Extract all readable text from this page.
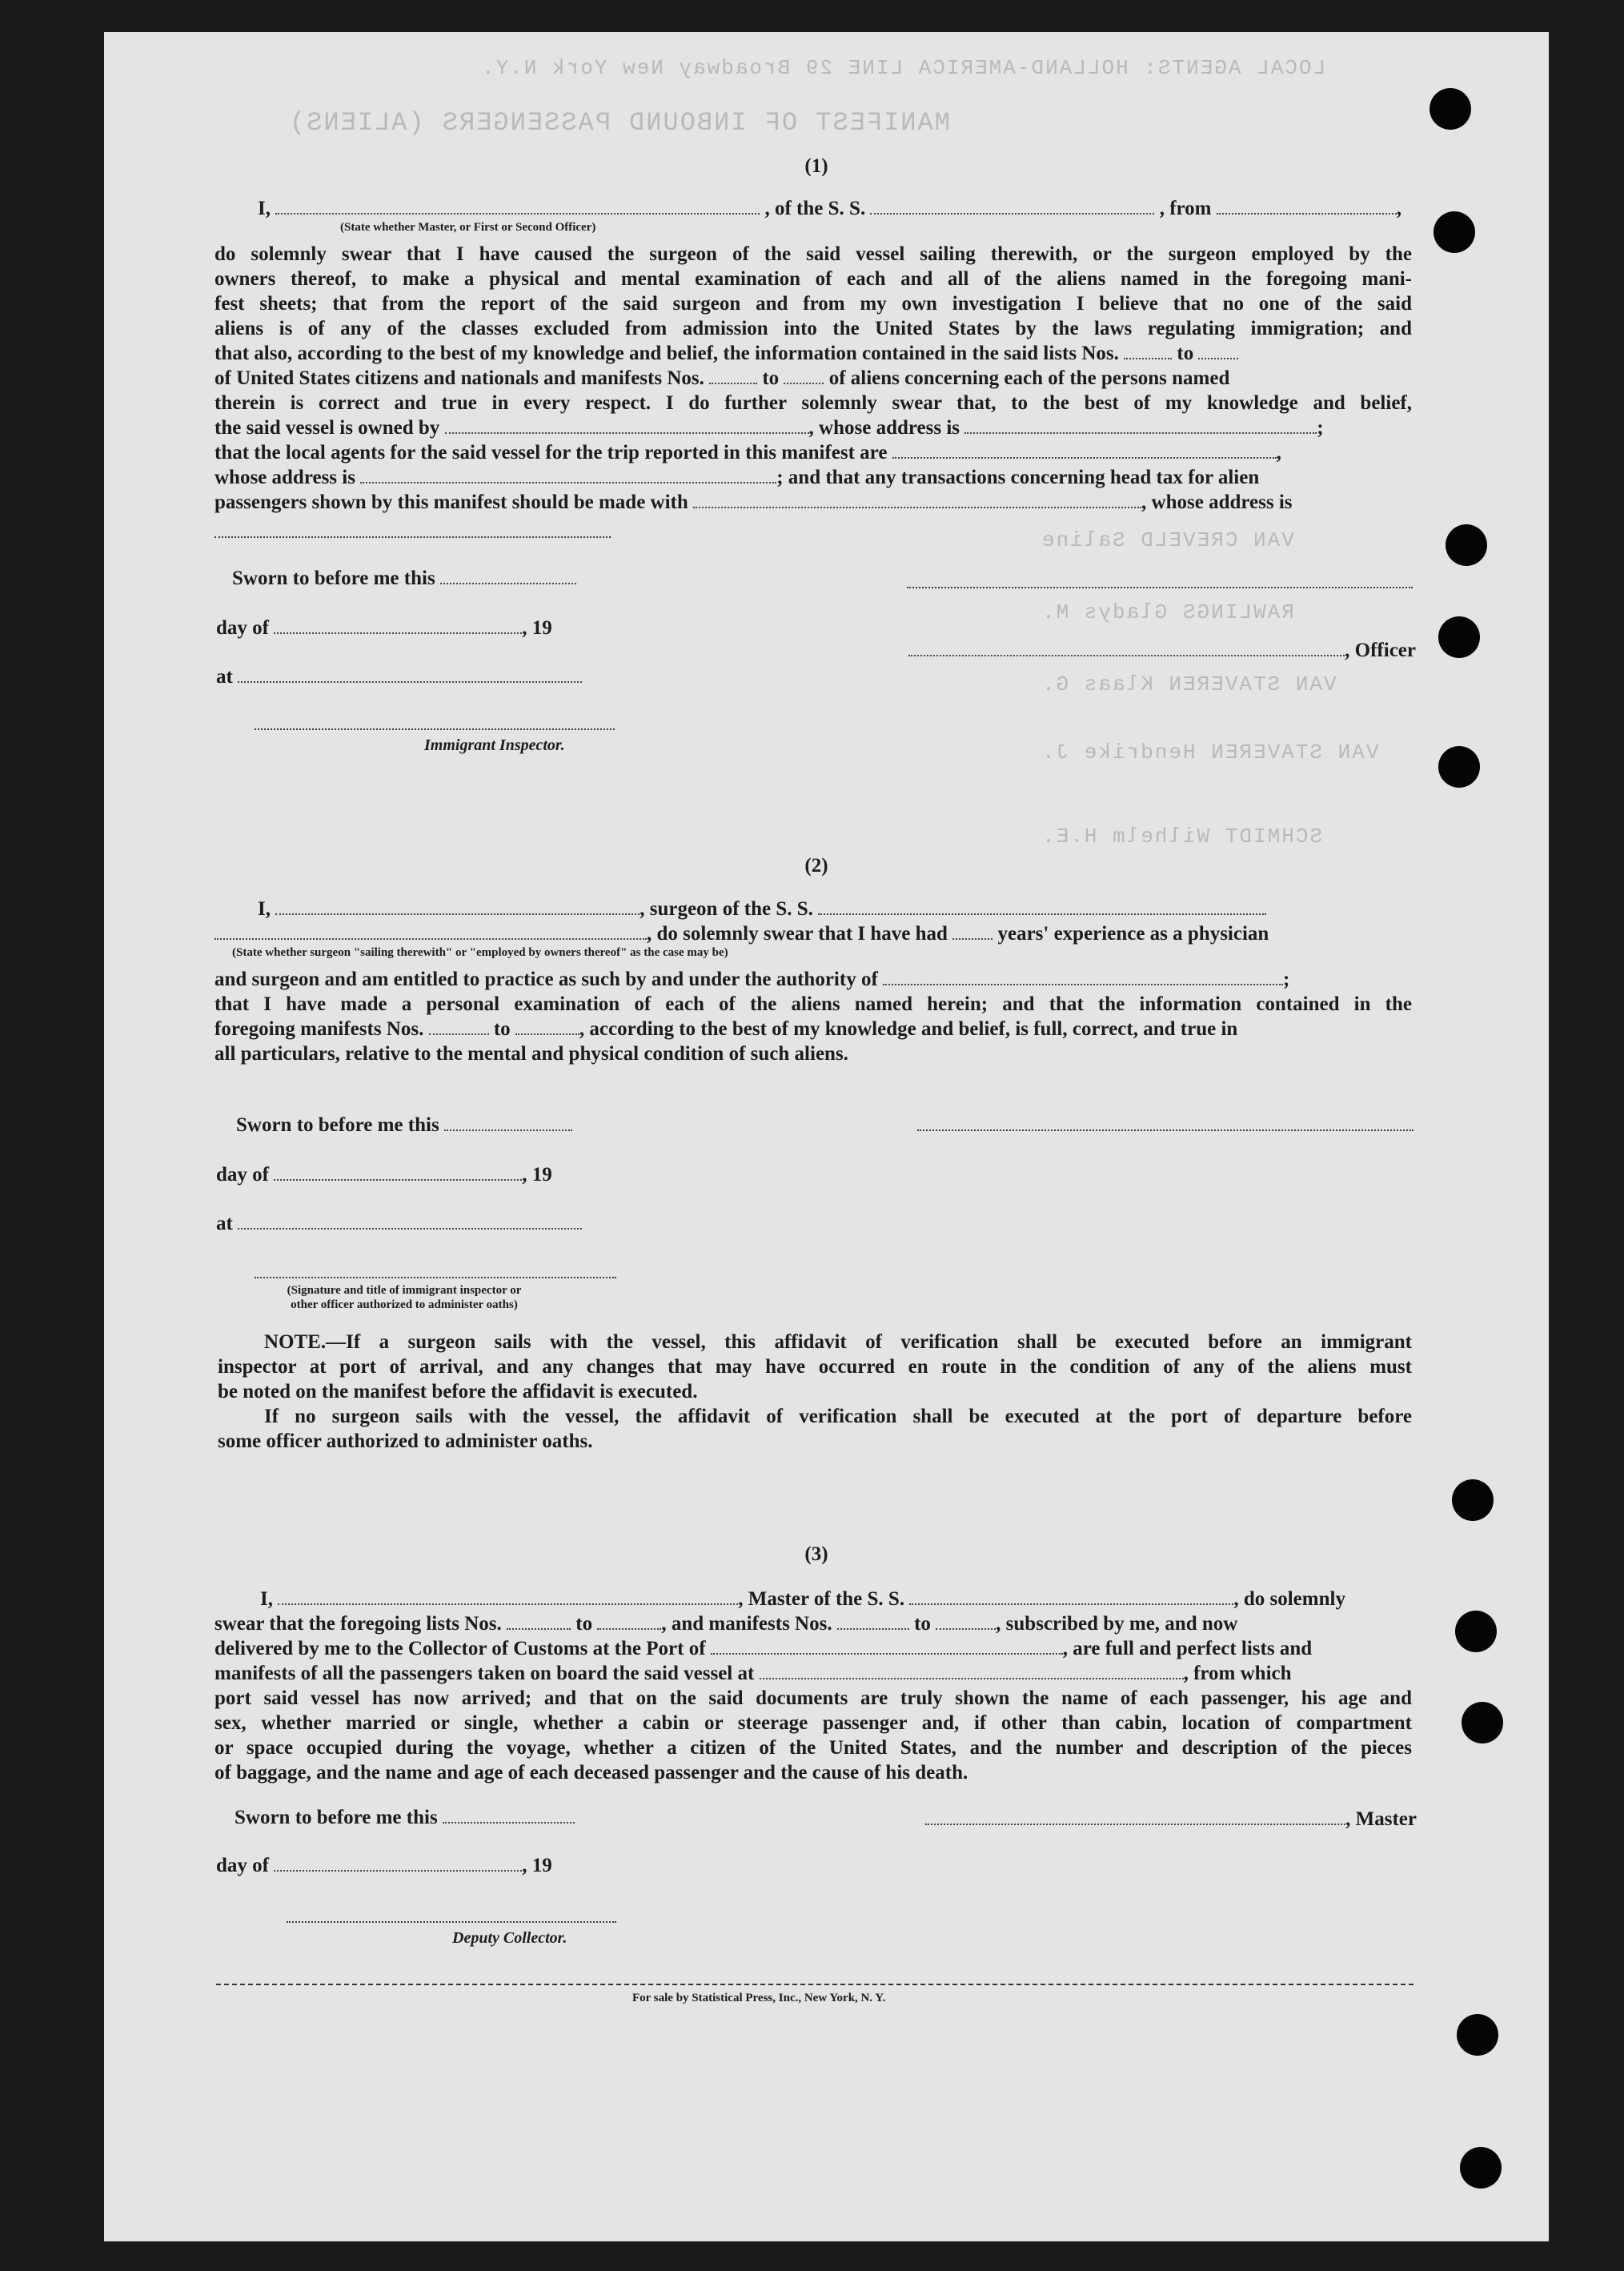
LOCAL AGENTS: HOLLAND-AMERICA LINE 29 Broadway New York N.Y.
MANIFEST OF INBOUND PASSENGERS (ALIENS)
VAN CREVELD Saline
RAWLINGS Gladys M.
VAN STAVEREN Klaas G.
VAN STAVEREN Hendrike J.
SCHMIDT Wilhelm H.E.
(1)
I,	, of the S. S.	, from	,
(State whether Master, or First or Second Officer)
do solemnly swear that I have caused the surgeon of the said vessel sailing therewith, or the surgeon employed by the
owners thereof, to make a physical and mental examination of each and all of the aliens named in the foregoing mani-
fest sheets; that from the report of the said surgeon and from my own investigation I believe that no one of the said
aliens is of any of the classes excluded from admission into the United States by the laws regulating immigration; and
that also, according to the best of my knowledge and belief, the information contained in the said lists Nos.	to
of United States citizens and nationals and manifests Nos.	to	of aliens concerning each of the persons named
therein is correct and true in every respect. I do further solemnly swear that, to the best of my knowledge and belief,
the said vessel is owned by	, whose address is	;
that the local agents for the said vessel for the trip reported in this manifest are	,
whose address is	; and that any transactions concerning head tax for alien
passengers shown by this manifest should be made with	, whose address is
Sworn to before me this
day of	, 19
at
Immigrant Inspector.
, Officer
(2)
I,	, surgeon of the S. S.
, do solemnly swear that I have had	years' experience as a physician
(State whether surgeon "sailing therewith" or "employed by owners thereof" as the case may be)
and surgeon and am entitled to practice as such by and under the authority of	;
that I have made a personal examination of each of the aliens named herein; and that the information contained in the
foregoing manifests Nos.	to	, according to the best of my knowledge and belief, is full, correct, and true in
all particulars, relative to the mental and physical condition of such aliens.
Sworn to before me this
day of	, 19
at
(Signature and title of immigrant inspector or
other officer authorized to administer oaths)
NOTE.—If a surgeon sails with the vessel, this affidavit of verification shall be executed before an immigrant
inspector at port of arrival, and any changes that may have occurred en route in the condition of any of the aliens must
be noted on the manifest before the affidavit is executed.
If no surgeon sails with the vessel, the affidavit of verification shall be executed at the port of departure before
some officer authorized to administer oaths.
(3)
I,	, Master of the S. S.	, do solemnly
swear that the foregoing lists Nos.	to	, and manifests Nos.	to	, subscribed by me, and now
delivered by me to the Collector of Customs at the Port of	, are full and perfect lists and
manifests of all the passengers taken on board the said vessel at	, from which
port said vessel has now arrived; and that on the said documents are truly shown the name of each passenger, his age and
sex, whether married or single, whether a cabin or steerage passenger and, if other than cabin, location of compartment
or space occupied during the voyage, whether a citizen of the United States, and the number and description of the pieces
of baggage, and the name and age of each deceased passenger and the cause of his death.
Sworn to before me this	, Master
day of	, 19
Deputy Collector.
For sale by Statistical Press, Inc., New York, N. Y.
